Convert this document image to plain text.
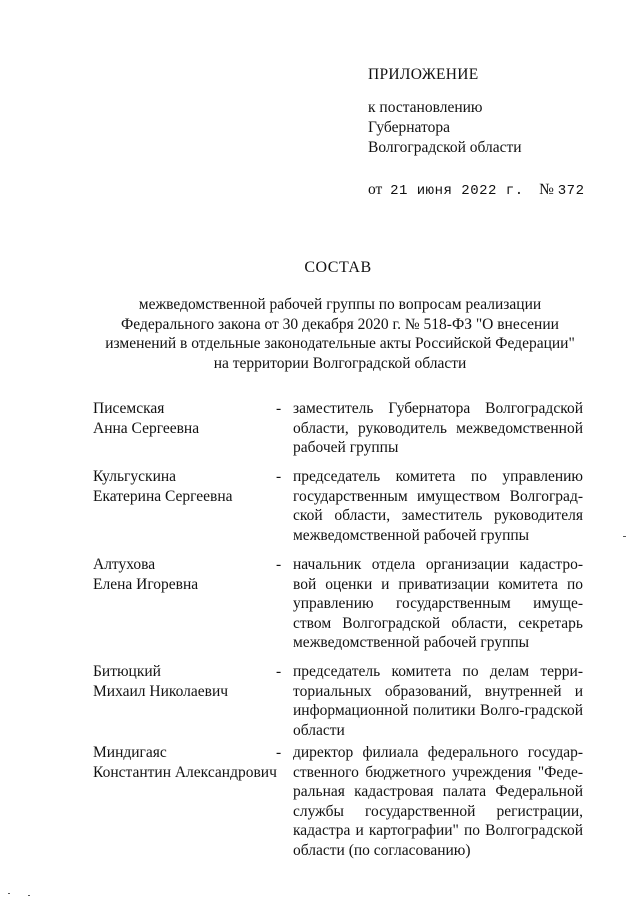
ПРИЛОЖЕНИЕ
к постановлению
Губернатора
Волгоградской области
от 21 июня 2022 г. № 372
СОСТАВ
межведомственной рабочей группы по вопросам реализации
Федерального закона от 30 декабря 2020 г. № 518-ФЗ "О внесении
изменений в отдельные законодательные акты Российской Федерации"
на территории Волгоградской области
Писемская
Анна Сергеевна
- заместитель Губернатора Волгоградской области, руководитель межведомственной рабочей группы
Кульгускина
Екатерина Сергеевна
- председатель комитета по управлению государственным имуществом Волгоград-ской области, заместитель руководителя межведомственной рабочей группы
Алтухова
Елена Игоревна
- начальник отдела организации кадастро-вой оценки и приватизации комитета по управлению государственным имуще-ством Волгоградской области, секретарь межведомственной рабочей группы
Битюцкий
Михаил Николаевич
- председатель комитета по делам терри-ториальных образований, внутренней и информационной политики Волго-градской области
Миндигаяс
Константин Александрович
- директор филиала федерального государ-ственного бюджетного учреждения "Феде-ральная кадастровая палата Федеральной службы государственной регистрации, кадастра и картографии" по Волгоградской области (по согласованию)
